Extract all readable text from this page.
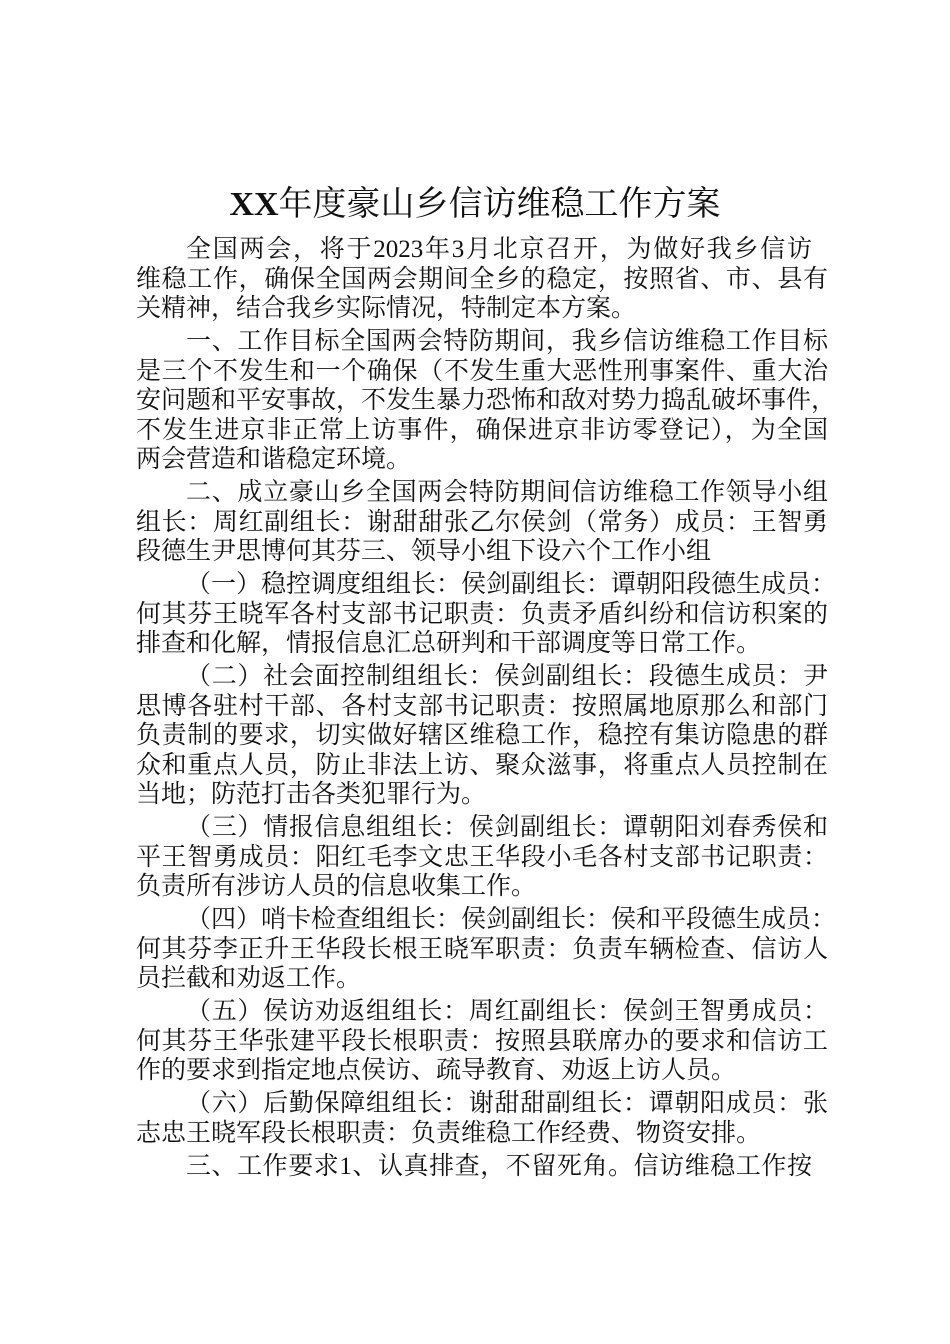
XX年度豪山乡信访维稳工作方案
全国两会，将于2023年3月北京召开，为做好我乡信访
维稳工作，确保全国两会期间全乡的稳定，按照省、市、县有
关精神，结合我乡实际情况，特制定本方案。
一、工作目标全国两会特防期间，我乡信访维稳工作目标
是三个不发生和一个确保（不发生重大恶性刑事案件、重大治
安问题和平安事故，不发生暴力恐怖和敌对势力捣乱破坏事件，
不发生进京非正常上访事件，确保进京非访零登记），为全国
两会营造和谐稳定环境。
二、成立豪山乡全国两会特防期间信访维稳工作领导小组
组长：周红副组长：谢甜甜张乙尔侯剑（常务）成员：王智勇
段德生尹思博何其芬三、领导小组下设六个工作小组
（一）稳控调度组组长：侯剑副组长：谭朝阳段德生成员：
何其芬王晓军各村支部书记职责：负责矛盾纠纷和信访积案的
排查和化解，情报信息汇总研判和干部调度等日常工作。
（二）社会面控制组组长：侯剑副组长：段德生成员：尹
思博各驻村干部、各村支部书记职责：按照属地原那么和部门
负责制的要求，切实做好辖区维稳工作，稳控有集访隐患的群
众和重点人员，防止非法上访、聚众滋事，将重点人员控制在
当地；防范打击各类犯罪行为。
（三）情报信息组组长：侯剑副组长：谭朝阳刘春秀侯和
平王智勇成员：阳红毛李文忠王华段小毛各村支部书记职责：
负责所有涉访人员的信息收集工作。
（四）哨卡检查组组长：侯剑副组长：侯和平段德生成员：
何其芬李正升王华段长根王晓军职责：负责车辆检查、信访人
员拦截和劝返工作。
（五）侯访劝返组组长：周红副组长：侯剑王智勇成员：
何其芬王华张建平段长根职责：按照县联席办的要求和信访工
作的要求到指定地点侯访、疏导教育、劝返上访人员。
（六）后勤保障组组长：谢甜甜副组长：谭朝阳成员：张
志忠王晓军段长根职责：负责维稳工作经费、物资安排。
三、工作要求1、认真排查，不留死角。信访维稳工作按
